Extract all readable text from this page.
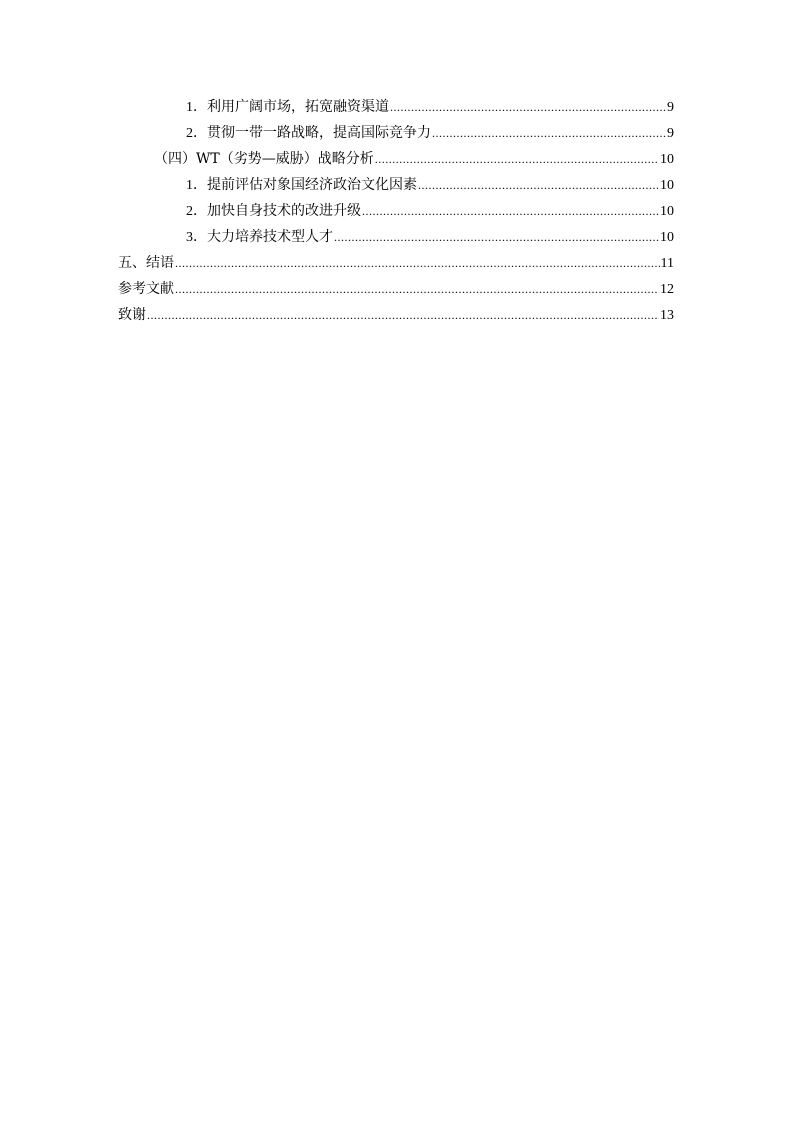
1． 利用广阔市场，拓宽融资渠道 .....	9
2． 贯彻一带一路战略，提高国际竞争力 .....	9
（四） WT（劣势—威胁）战略分析 .....	10
1． 提前评估对象国经济政治文化因素 .....	10
2． 加快自身技术的改进升级 .....	10
3． 大力培养技术型人才 .....	10
五、 结语 .....	11
参考文献 .....	12
致谢 .....	13
